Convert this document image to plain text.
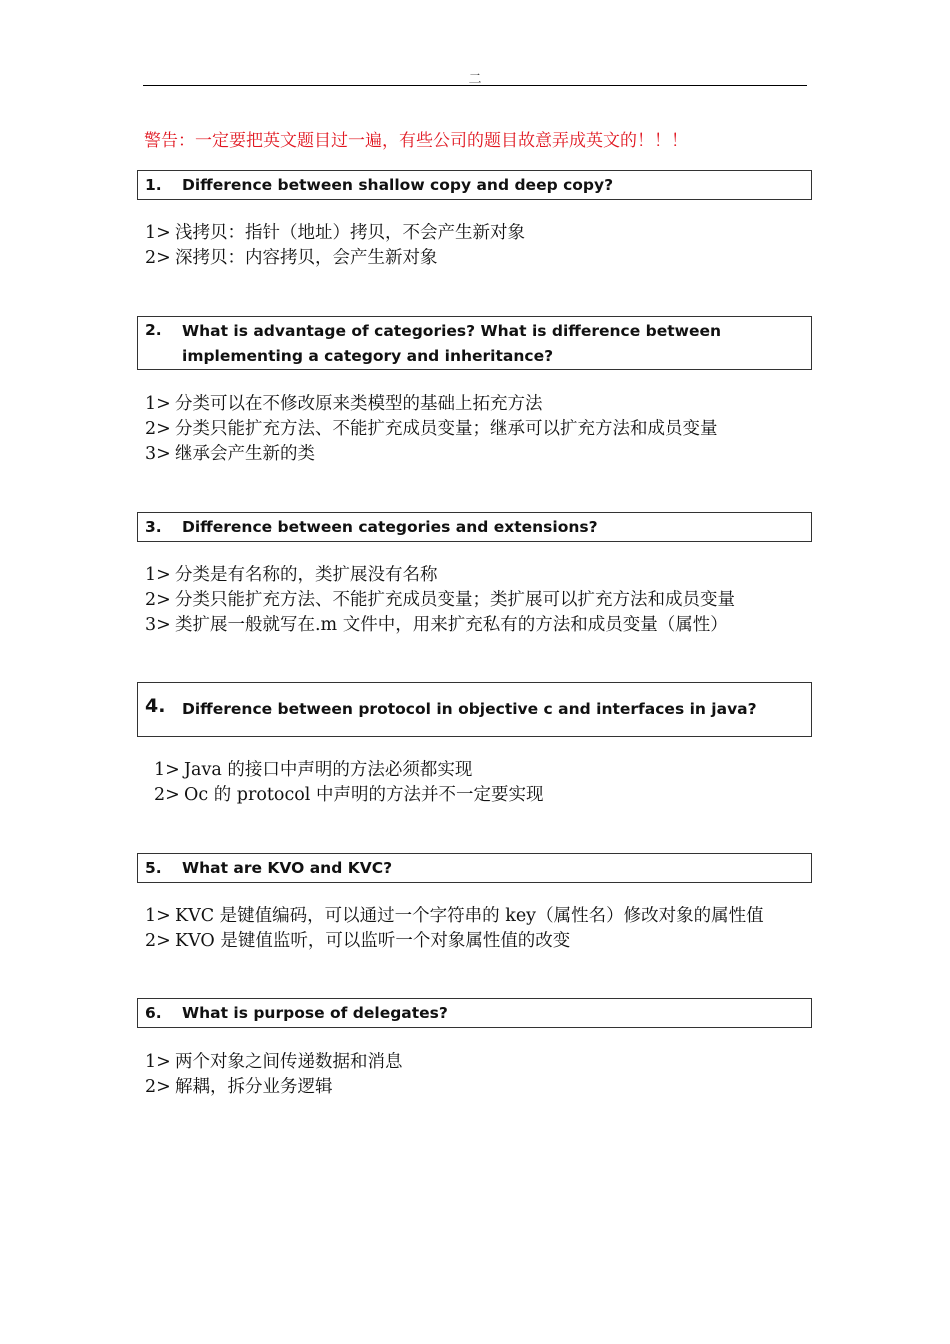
二
警告：一定要把英文题目过一遍，有些公司的题目故意弄成英文的！！！
1. Difference between shallow copy and deep copy?
1> 浅拷贝：指针（地址）拷贝，不会产生新对象
2> 深拷贝：内容拷贝，会产生新对象
2. What is advantage of categories? What is difference between implementing a category and inheritance?
1> 分类可以在不修改原来类模型的基础上拓充方法
2> 分类只能扩充方法、不能扩充成员变量；继承可以扩充方法和成员变量
3> 继承会产生新的类
3. Difference between categories and extensions?
1> 分类是有名称的，类扩展没有名称
2> 分类只能扩充方法、不能扩充成员变量；类扩展可以扩充方法和成员变量
3> 类扩展一般就写在.m 文件中，用来扩充私有的方法和成员变量（属性）
4. Difference between protocol in objective c and interfaces in java?
1> Java 的接口中声明的方法必须都实现
2> Oc 的 protocol 中声明的方法并不一定要实现
5. What are KVO and KVC?
1> KVC 是键值编码，可以通过一个字符串的 key（属性名）修改对象的属性值
2> KVO 是键值监听，可以监听一个对象属性值的改变
6. What is purpose of delegates?
1> 两个对象之间传递数据和消息
2> 解耦，拆分业务逻辑
